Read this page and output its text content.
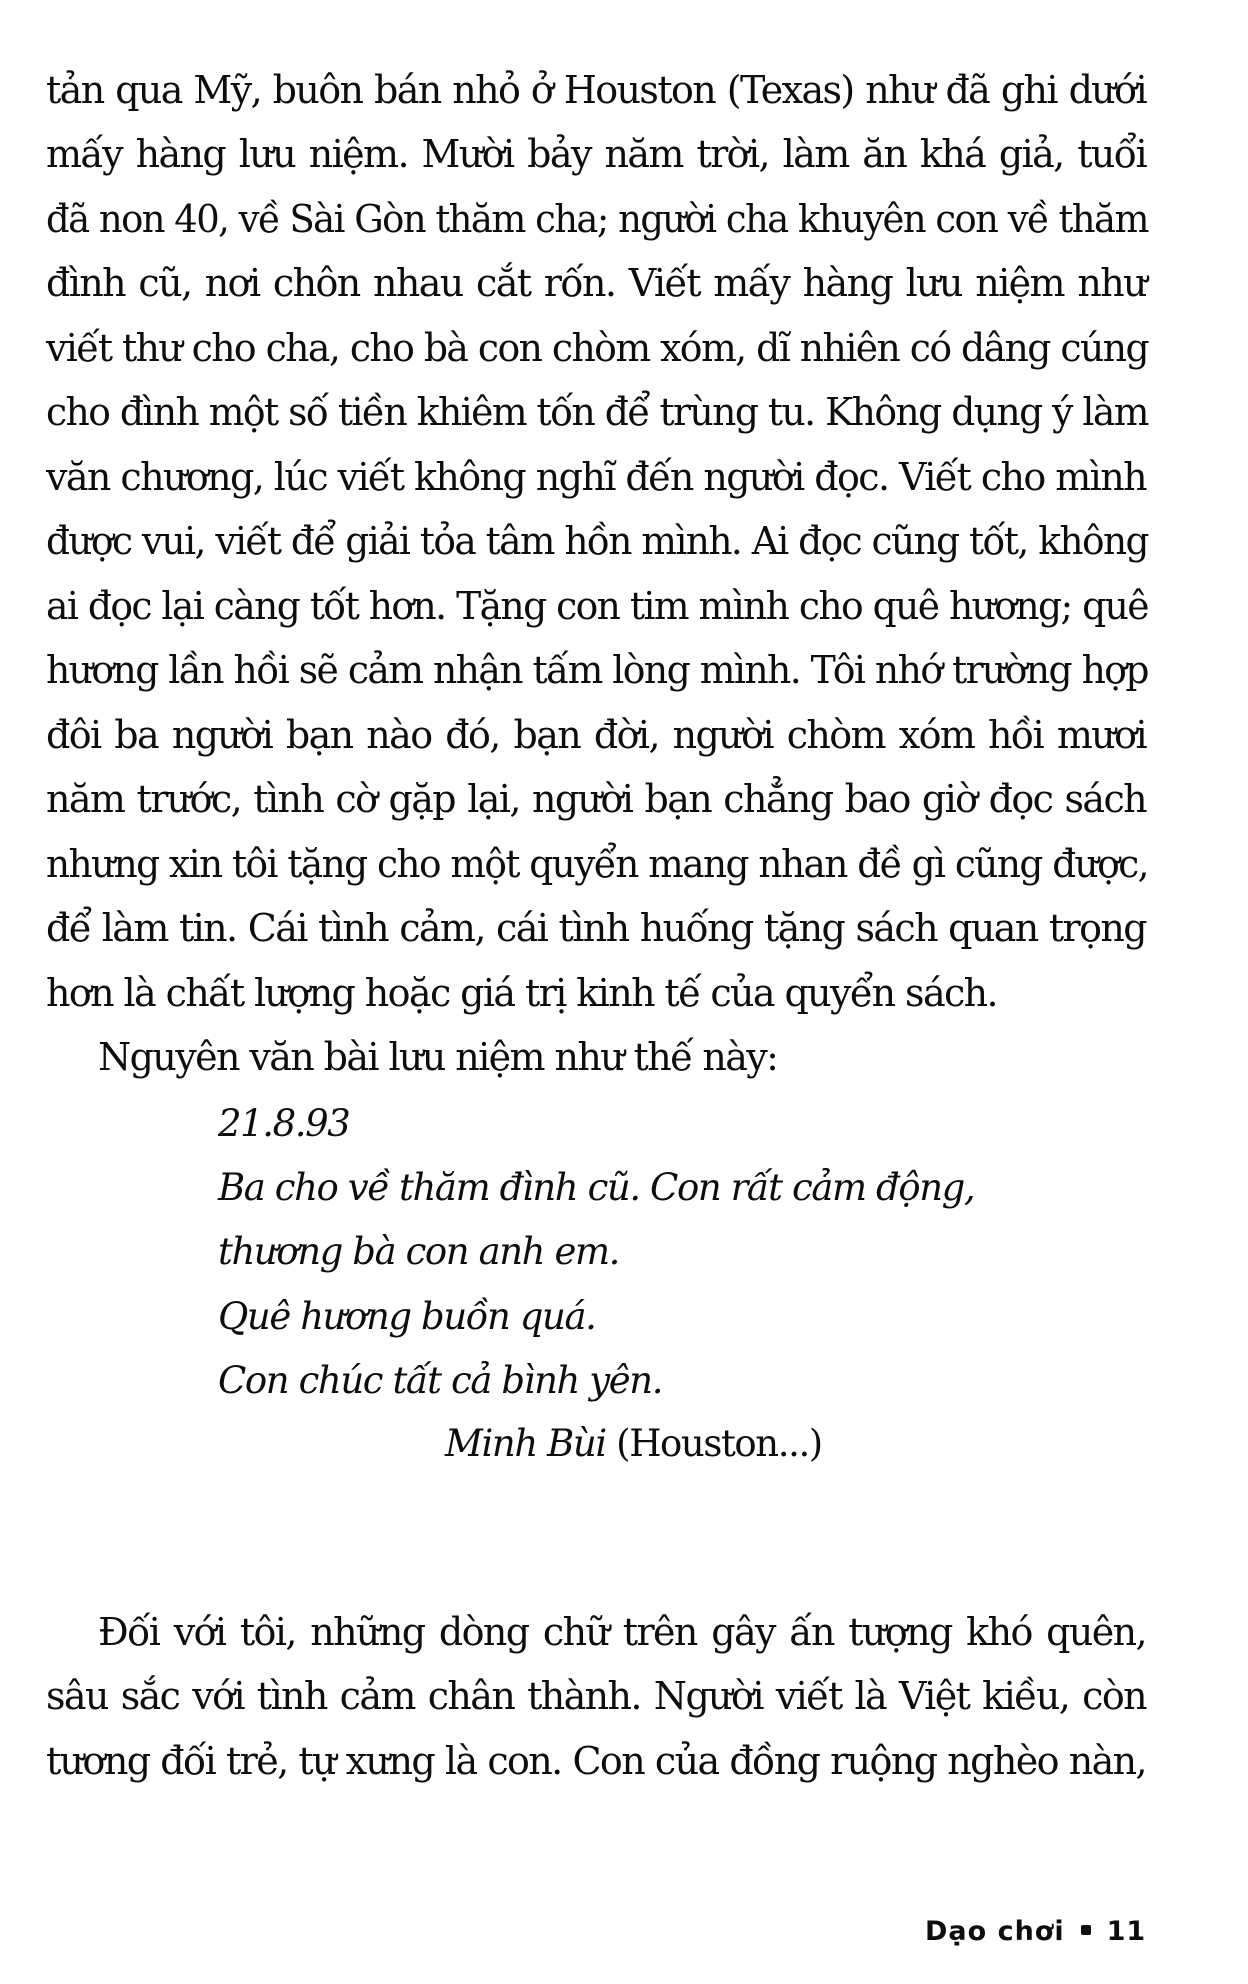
tản qua Mỹ, buôn bán nhỏ ở Houston (Texas) như đã ghi dưới
mấy hàng lưu niệm. Mười bảy năm trời, làm ăn khá giả, tuổi
đã non 40, về Sài Gòn thăm cha; người cha khuyên con về thăm
đình cũ, nơi chôn nhau cắt rốn. Viết mấy hàng lưu niệm như
viết thư cho cha, cho bà con chòm xóm, dĩ nhiên có dâng cúng
cho đình một số tiền khiêm tốn để trùng tu. Không dụng ý làm
văn chương, lúc viết không nghĩ đến người đọc. Viết cho mình
được vui, viết để giải tỏa tâm hồn mình. Ai đọc cũng tốt, không
ai đọc lại càng tốt hơn. Tặng con tim mình cho quê hương; quê
hương lần hồi sẽ cảm nhận tấm lòng mình. Tôi nhớ trường hợp
đôi ba người bạn nào đó, bạn đời, người chòm xóm hồi mươi
năm trước, tình cờ gặp lại, người bạn chẳng bao giờ đọc sách
nhưng xin tôi tặng cho một quyển mang nhan đề gì cũng được,
để làm tin. Cái tình cảm, cái tình huống tặng sách quan trọng
hơn là chất lượng hoặc giá trị kinh tế của quyển sách.
Nguyên văn bài lưu niệm như thế này:
21.8.93
Ba cho về thăm đình cũ. Con rất cảm động,
thương bà con anh em.
Quê hương buồn quá.
Con chúc tất cả bình yên.
Minh Bùi (Houston...)
Đối với tôi, những dòng chữ trên gây ấn tượng khó quên,
sâu sắc với tình cảm chân thành. Người viết là Việt kiều, còn
tương đối trẻ, tự xưng là con. Con của đồng ruộng nghèo nàn,
Dạo chơi 11
